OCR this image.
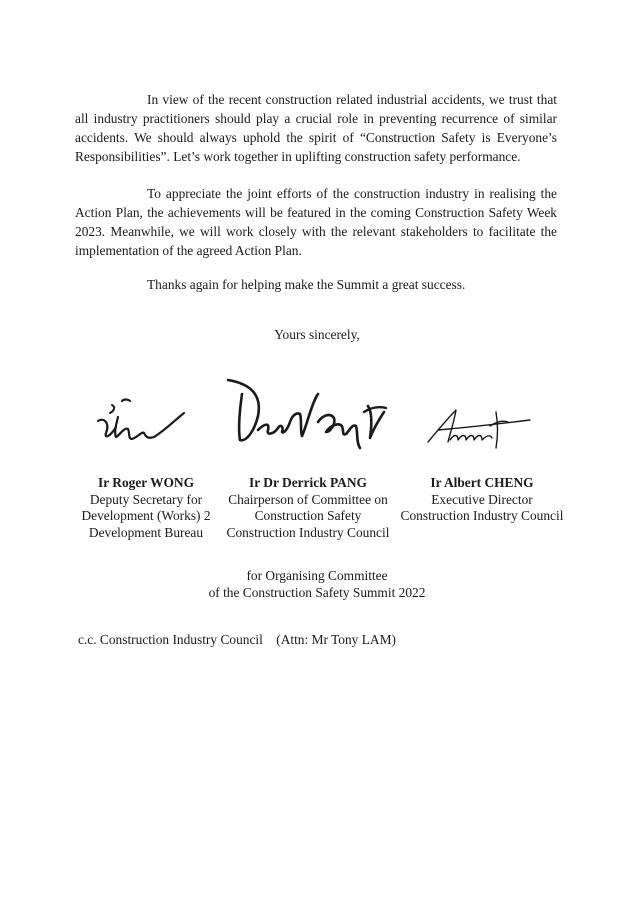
In view of the recent construction related industrial accidents, we trust that all industry practitioners should play a crucial role in preventing recurrence of similar accidents. We should always uphold the spirit of “Construction Safety is Everyone’s Responsibilities”. Let’s work together in uplifting construction safety performance.

To appreciate the joint efforts of the construction industry in realising the Action Plan, the achievements will be featured in the coming Construction Safety Week 2023. Meanwhile, we will work closely with the relevant stakeholders to facilitate the implementation of the agreed Action Plan.

Thanks again for helping make the Summit a great success.

Yours sincerely,

Ir Roger WONG
Deputy Secretary for
Development (Works) 2
Development Bureau
Ir Dr Derrick PANG
Chairperson of Committee on
Construction Safety
Construction Industry Council
Ir Albert CHENG
Executive Director
Construction Industry Council
for Organising Committee
of the Construction Safety Summit 2022
c.c. Construction Industry Council    (Attn: Mr Tony LAM)
